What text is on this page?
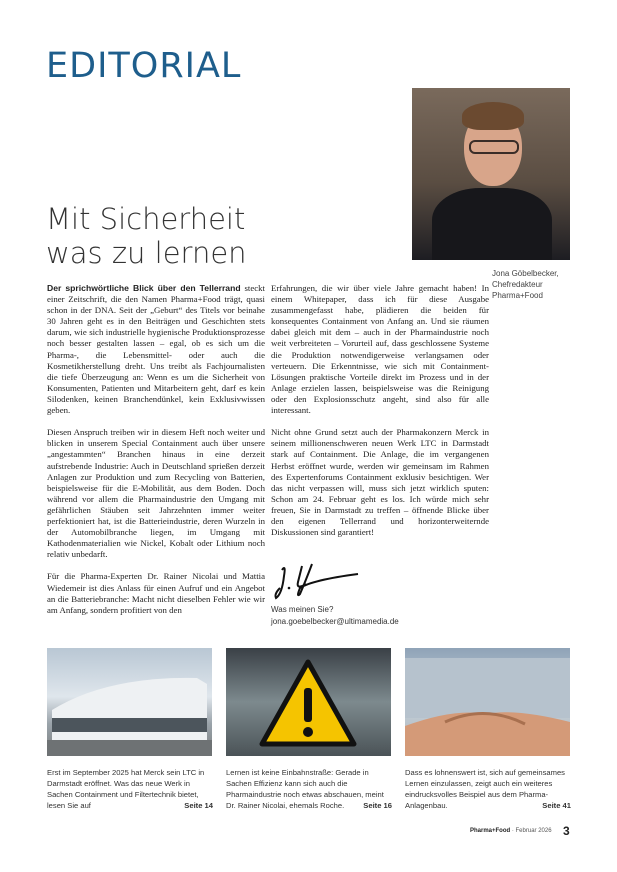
EDITORIAL
Jona Göbelbecker,
Chefredakteur
Pharma+Food
Mit Sicherheit was zu lernen

Der sprichwörtliche Blick über den Tellerrand steckt einer Zeitschrift, die den Namen Pharma+Food trägt, quasi schon in der DNA. Seit der „Geburt“ des Titels vor beinahe 30 Jahren geht es in den Beiträgen und Geschichten stets darum, wie sich industrielle hygienische Produktionsprozesse noch besser gestalten lassen – egal, ob es sich um die Pharma-, die Lebensmittel- oder auch die Kosmetikherstellung dreht. Uns treibt als Fachjournalisten die tiefe Überzeugung an: Wenn es um die Sicherheit von Konsumenten, Patienten und Mitarbeitern geht, darf es kein Silodenken, keinen Branchendünkel, kein Exklusivwissen geben.

Diesen Anspruch treiben wir in diesem Heft noch weiter und blicken in unserem Special Containment auch über unsere „angestammten“ Branchen hinaus in eine derzeit aufstrebende Industrie: Auch in Deutschland sprießen derzeit Anlagen zur Produktion und zum Recycling von Batterien, beispielsweise für die E-Mobilität, aus dem Boden. Doch während vor allem die Pharmaindustrie den Umgang mit gefährlichen Stäuben seit Jahrzehnten immer weiter perfektioniert hat, ist die Batterieindustrie, deren Wurzeln in der Automobilbranche liegen, im Umgang mit Kathodenmaterialien wie Nickel, Kobalt oder Lithium noch relativ unbedarft.

Für die Pharma-Experten Dr. Rainer Nicolai und Mattia Wiedemeir ist dies Anlass für einen Aufruf und ein Angebot an die Batteriebranche: Macht nicht dieselben Fehler wie wir am Anfang, sondern profitiert von den

Erfahrungen, die wir über viele Jahre gemacht haben! In einem Whitepaper, dass ich für diese Ausgabe zusammengefasst habe, plädieren die beiden für konsequentes Containment von Anfang an. Und sie räumen dabei gleich mit dem – auch in der Pharmaindustrie noch weit verbreiteten – Vorurteil auf, dass geschlossene Systeme die Produktion notwendigerweise verlangsamen oder verteuern. Die Erkenntnisse, wie sich mit Containment-Lösungen praktische Vorteile direkt im Prozess und in der Anlage erzielen lassen, beispielsweise was die Reinigung oder den Explosionsschutz angeht, sind also für alle interessant.

Nicht ohne Grund setzt auch der Pharmakonzern Merck in seinem millionenschweren neuen Werk LTC in Darmstadt stark auf Containment. Die Anlage, die im vergangenen Herbst eröffnet wurde, werden wir gemeinsam im Rahmen des Expertenforums Containment exklusiv besichtigen. Wer das nicht verpassen will, muss sich jetzt wirklich sputen: Schon am 24. Februar geht es los. Ich würde mich sehr freuen, Sie in Darmstadt zu treffen – öffnende Blicke über den eigenen Tellerrand und horizonterweiternde Diskussionen sind garantiert!

Was meinen Sie?
jona.goebelbecker@ultimamedia.de
Erst im September 2025 hat Merck sein LTC in Darmstadt eröffnet. Was das neue Werk in Sachen Containment und Filtertechnik bietet, lesen Sie auf	Seite 14
Lernen ist keine Einbahnstraße: Gerade in Sachen Effizienz kann sich auch die Pharmaindustrie noch etwas abschauen, meint Dr. Rainer Nicolai, ehemals Roche.	Seite 16
Dass es lohnenswert ist, sich auf gemeinsames Lernen einzulassen, zeigt auch ein weiteres eindrucksvolles Beispiel aus dem Pharma-Anlagenbau.	Seite 41
Pharma+Food · Februar 2026 3
